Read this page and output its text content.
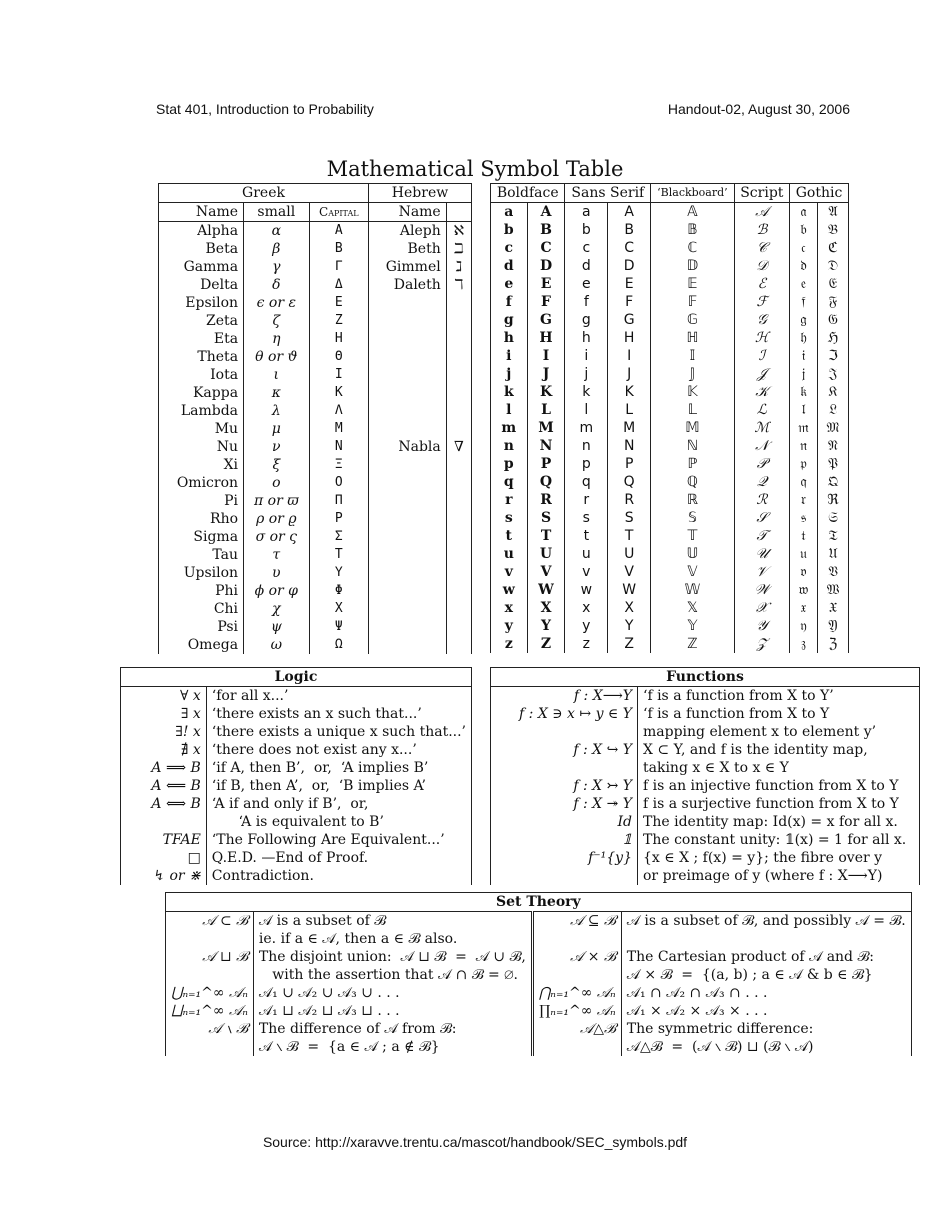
Stat 401, Introduction to Probability	Handout-02, August 30, 2006
Mathematical Symbol Table
Greek			Hebrew	
Name	small	Capital	Name	
Alpha	α	A	Aleph	ℵ
Beta	β	B	Beth	ℶ
Gamma	γ	Γ	Gimmel	ℷ
Delta	δ	Δ	Daleth	ℸ
Epsilon	ϵ or ε	E		
Zeta	ζ	Z		
Eta	η	H		
Theta	θ or ϑ	Θ		
Iota	ι	I		
Kappa	κ	K		
Lambda	λ	Λ		
Mu	μ	M		
Nu	ν	N	Nabla	∇
Xi	ξ	Ξ		
Omicron	o	O		
Pi	π or ϖ	Π		
Rho	ρ or ϱ	P		
Sigma	σ or ς	Σ		
Tau	τ	T		
Upsilon	υ	Υ		
Phi	ϕ or φ	Φ		
Chi	χ	X		
Psi	ψ	Ψ		
Omega	ω	Ω		
Boldface		Sans Serif		‘Blackboard’	Script	Gothic	
a	A	a	A	𝔸	𝒜	𝔞	𝔄
b	B	b	B	𝔹	ℬ	𝔟	𝔅
c	C	c	C	ℂ	𝒞	𝔠	ℭ
d	D	d	D	𝔻	𝒟	𝔡	𝔇
e	E	e	E	𝔼	ℰ	𝔢	𝔈
f	F	f	F	𝔽	ℱ	𝔣	𝔉
g	G	g	G	𝔾	𝒢	𝔤	𝔊
h	H	h	H	ℍ	ℋ	𝔥	ℌ
i	I	i	I	𝕀	ℐ	𝔦	ℑ
j	J	j	J	𝕁	𝒥	𝔧	𝔍
k	K	k	K	𝕂	𝒦	𝔨	𝔎
l	L	l	L	𝕃	ℒ	𝔩	𝔏
m	M	m	M	𝕄	ℳ	𝔪	𝔐
n	N	n	N	ℕ	𝒩	𝔫	𝔑
p	P	p	P	ℙ	𝒫	𝔭	𝔓
q	Q	q	Q	ℚ	𝒬	𝔮	𝔔
r	R	r	R	ℝ	ℛ	𝔯	ℜ
s	S	s	S	𝕊	𝒮	𝔰	𝔖
t	T	t	T	𝕋	𝒯	𝔱	𝔗
u	U	u	U	𝕌	𝒰	𝔲	𝔘
v	V	v	V	𝕍	𝒱	𝔳	𝔙
w	W	w	W	𝕎	𝒲	𝔴	𝔚
x	X	x	X	𝕏	𝒳	𝔵	𝔛
y	Y	y	Y	𝕐	𝒴	𝔶	𝔜
z	Z	z	Z	ℤ	𝒵	𝔷	ℨ
Logic	
∀ x	‘for all x...’
∃ x	‘there exists an x such that...’
∃! x	‘there exists a unique x such that...’
∄ x	‘there does not exist any x...’
A ⟹ B	‘if A, then B’,  or,  ‘A implies B’
A ⟸ B	‘if B, then A’,  or,  ‘B implies A’
A ⟺ B	‘A if and only if B’,  or,
	‘A is equivalent to B’
TFAE	‘The Following Are Equivalent...’
□	Q.E.D. —End of Proof.
↯ or ⋇	Contradiction.
Functions	
f : X⟶Y	‘f is a function from X to Y’
f : X ∋ x ↦ y ∈ Y	‘f is a function from X to Y
	mapping element x to element y’
f : X ↪ Y	X ⊂ Y, and f is the identity map,
	taking x ∈ X to x ∈ Y
f : X ↣ Y	f is an injective function from X to Y
f : X ↠ Y	f is a surjective function from X to Y
Id	The identity map: Id(x) = x for all x.
𝟙	The constant unity: 𝟙(x) = 1 for all x.
f⁻¹{y}	{x ∈ X ; f(x) = y}; the fibre over y
	or preimage of y (where f : X⟶Y)
Set Theory			
𝒜 ⊂ ℬ	𝒜 is a subset of ℬ	𝒜 ⊆ ℬ	𝒜 is a subset of ℬ, and possibly 𝒜 = ℬ.
	ie. if a ∈ 𝒜, then a ∈ ℬ also.		
𝒜 ⊔ ℬ	The disjoint union:  𝒜 ⊔ ℬ  =  𝒜 ∪ ℬ,	𝒜 × ℬ	The Cartesian product of 𝒜 and ℬ:
	with the assertion that 𝒜 ∩ ℬ = ∅.		𝒜 × ℬ  =  {(a, b) ; a ∈ 𝒜 & b ∈ ℬ}
⋃ₙ₌₁^∞ 𝒜ₙ	𝒜₁ ∪ 𝒜₂ ∪ 𝒜₃ ∪ . . .	⋂ₙ₌₁^∞ 𝒜ₙ	𝒜₁ ∩ 𝒜₂ ∩ 𝒜₃ ∩ . . .
⨆ₙ₌₁^∞ 𝒜ₙ	𝒜₁ ⊔ 𝒜₂ ⊔ 𝒜₃ ⊔ . . .	∏ₙ₌₁^∞ 𝒜ₙ	𝒜₁ × 𝒜₂ × 𝒜₃ × . . .
𝒜 ∖ ℬ	The difference of 𝒜 from ℬ:	𝒜△ℬ	The symmetric difference:
	𝒜 ∖ ℬ  =  {a ∈ 𝒜 ; a ∉ ℬ}		𝒜△ℬ  =  (𝒜 ∖ ℬ) ⊔ (ℬ ∖ 𝒜)
Source: http://xaravve.trentu.ca/mascot/handbook/SEC_symbols.pdf
